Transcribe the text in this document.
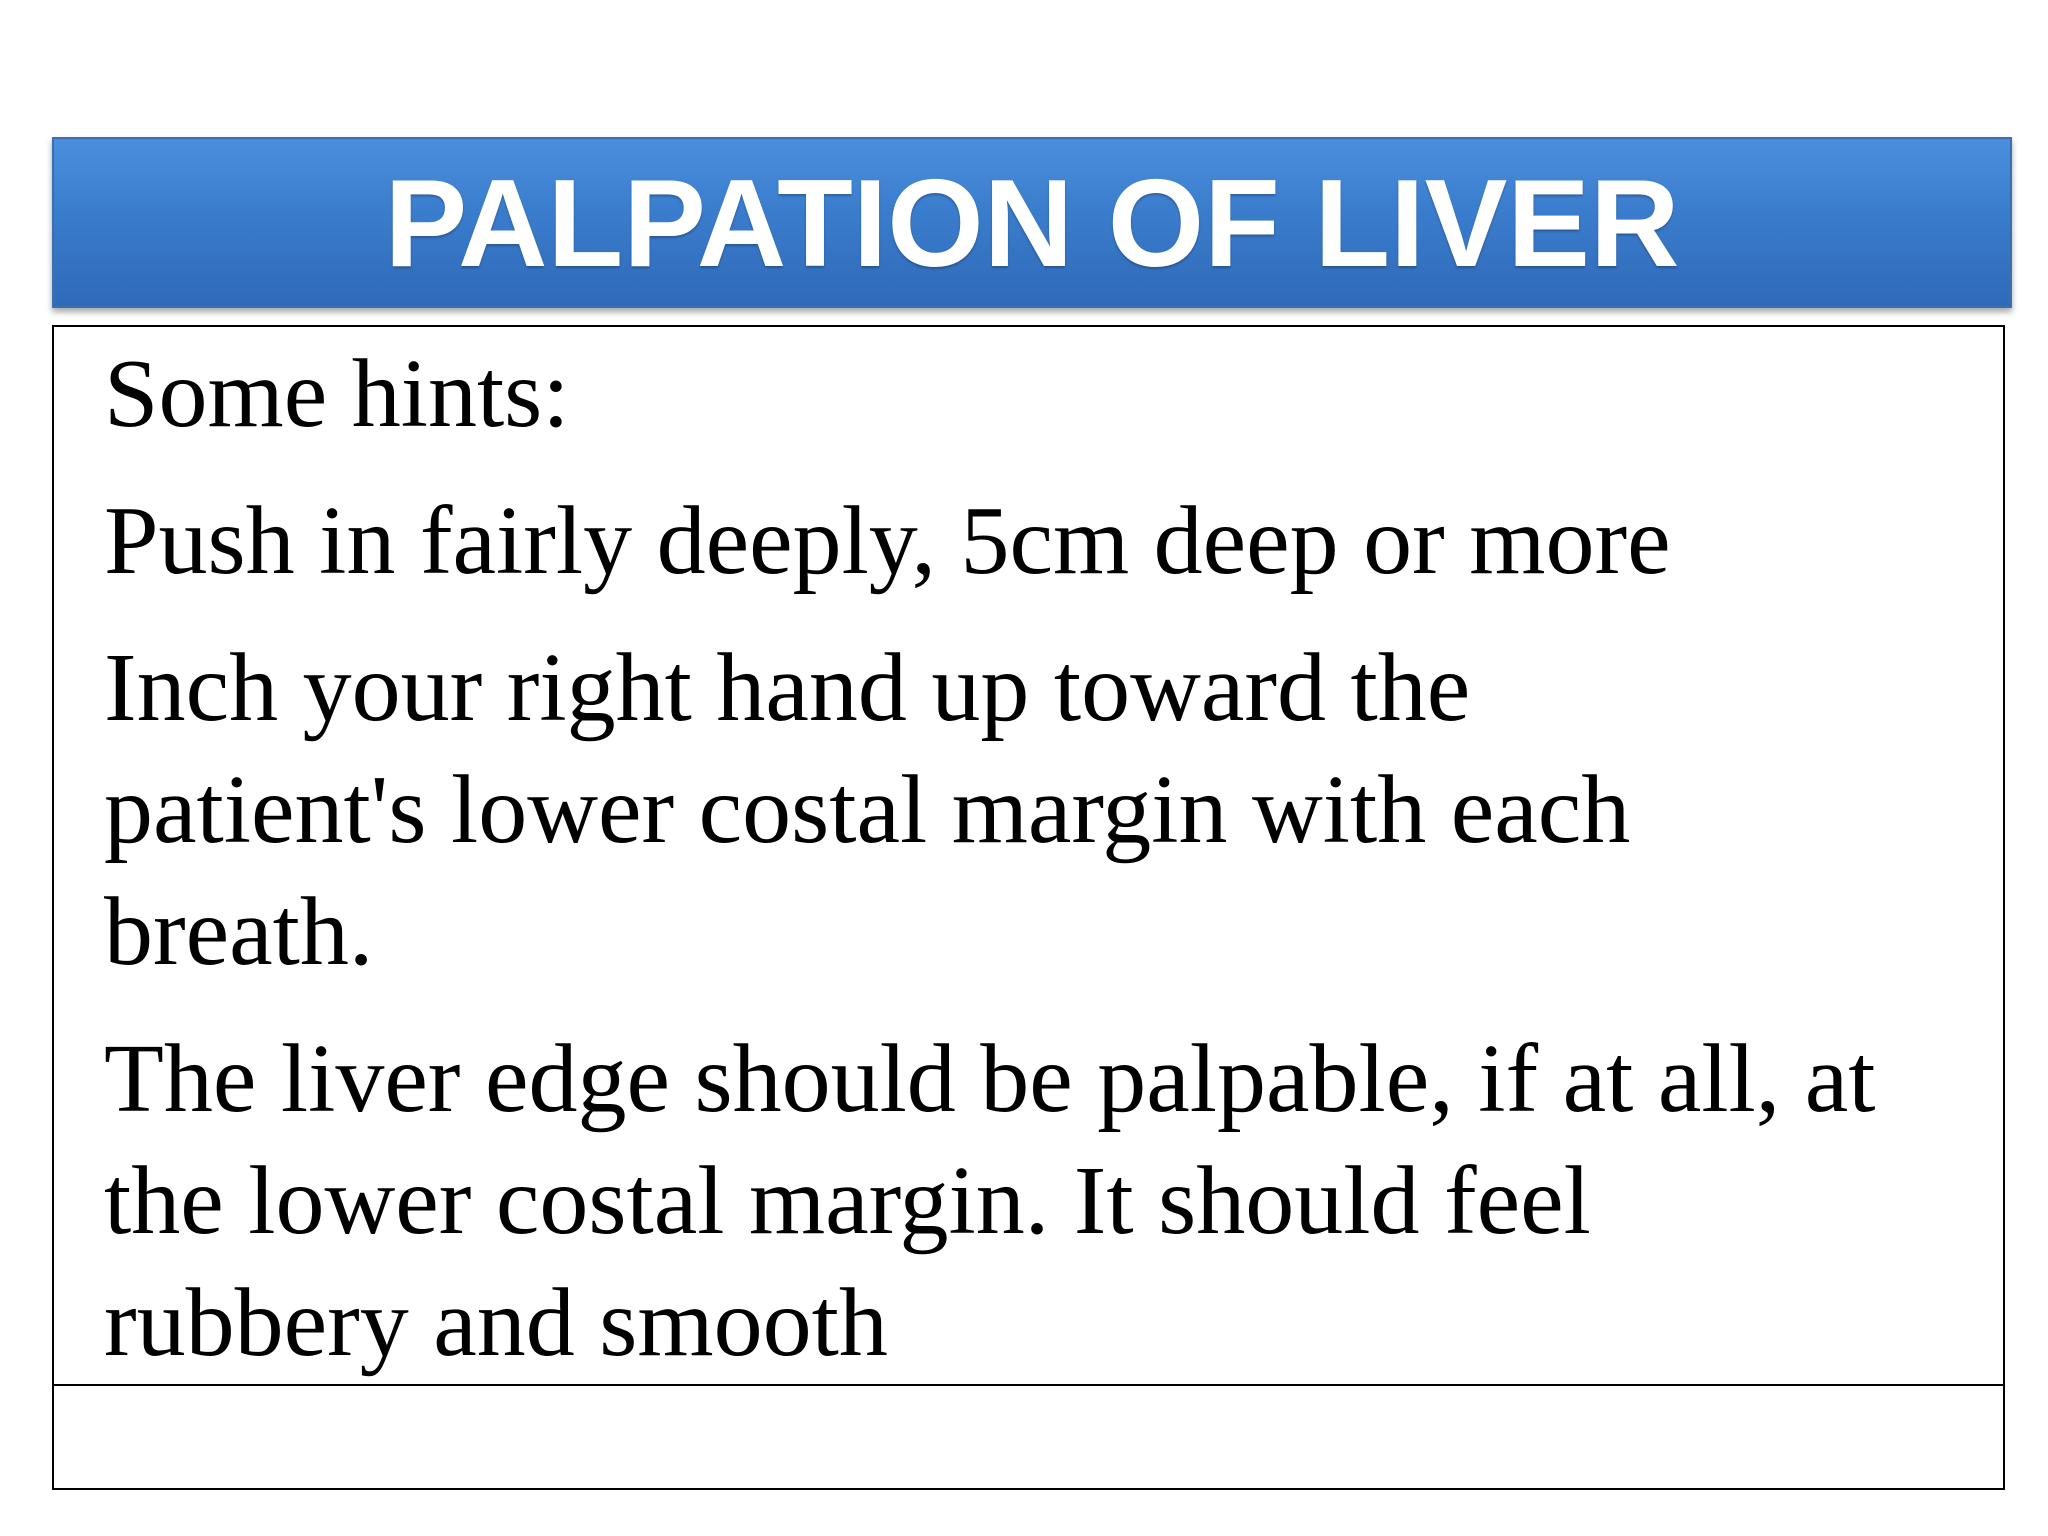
PALPATION OF LIVER

Some hints:

Push in fairly deeply, 5cm deep or more

Inch your right hand up toward the patient's lower costal margin with each breath.

The liver edge should be palpable, if at all, at the lower costal margin. It should feel rubbery and smooth
